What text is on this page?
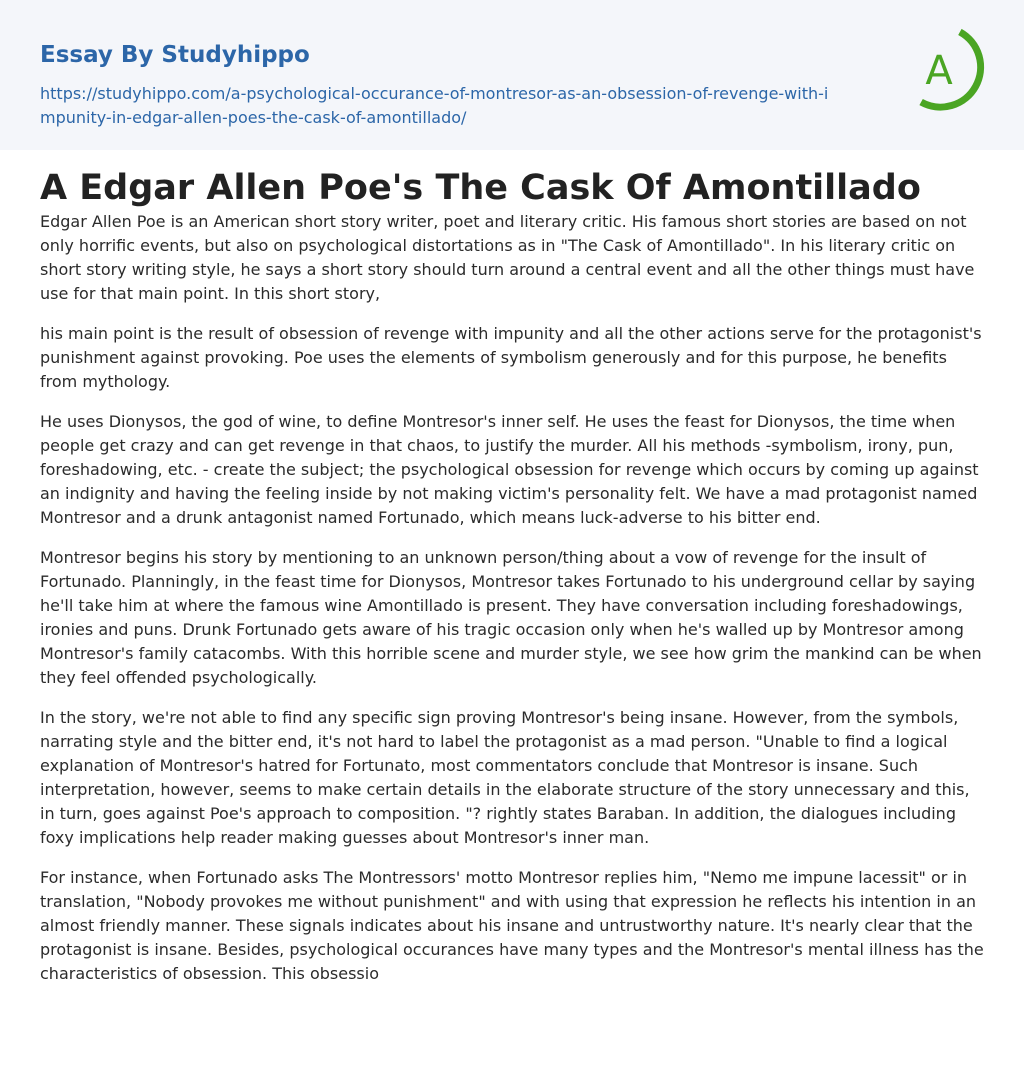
Essay By Studyhippo
https://studyhippo.com/a-psychological-occurance-of-montresor-as-an-obsession-of-revenge-with-impunity-in-edgar-allen-poes-the-cask-of-amontillado/
A
A Edgar Allen Poe's The Cask Of Amontillado

Edgar Allen Poe is an American short story writer, poet and literary critic. His famous short stories are based on not only horrific events, but also on psychological distortations as in "The Cask of Amontillado". In his literary critic on short story writing style, he says a short story should turn around a central event and all the other things must have use for that main point. In this short story,

his main point is the result of obsession of revenge with impunity and all the other actions serve for the protagonist's punishment against provoking. Poe uses the elements of symbolism generously and for this purpose, he benefits from mythology.

He uses Dionysos, the god of wine, to define Montresor's inner self. He uses the feast for Dionysos, the time when people get crazy and can get revenge in that chaos, to justify the murder. All his methods -symbolism, irony, pun, foreshadowing, etc. - create the subject; the psychological obsession for revenge which occurs by coming up against an indignity and having the feeling inside by not making victim's personality felt. We have a mad protagonist named Montresor and a drunk antagonist named Fortunado, which means luck-adverse to his bitter end.

Montresor begins his story by mentioning to an unknown person/thing about a vow of revenge for the insult of Fortunado. Planningly, in the feast time for Dionysos, Montresor takes Fortunado to his underground cellar by saying he'll take him at where the famous wine Amontillado is present. They have conversation including foreshadowings, ironies and puns. Drunk Fortunado gets aware of his tragic occasion only when he's walled up by Montresor among Montresor's family catacombs. With this horrible scene and murder style, we see how grim the mankind can be when they feel offended psychologically.

In the story, we're not able to find any specific sign proving Montresor's being insane. However, from the symbols, narrating style and the bitter end, it's not hard to label the protagonist as a mad person. "Unable to find a logical explanation of Montresor's hatred for Fortunato, most commentators conclude that Montresor is insane. Such interpretation, however, seems to make certain details in the elaborate structure of the story unnecessary and this, in turn, goes against Poe's approach to composition. "? rightly states Baraban. In addition, the dialogues including foxy implications help reader making guesses about Montresor's inner man.

For instance, when Fortunado asks The Montressors' motto Montresor replies him, "Nemo me impune lacessit" or in translation, "Nobody provokes me without punishment" and with using that expression he reflects his intention in an almost friendly manner. These signals indicates about his insane and untrustworthy nature. It's nearly clear that the protagonist is insane. Besides, psychological occurances have many types and the Montresor's mental illness has the characteristics of obsession. This obsessio
